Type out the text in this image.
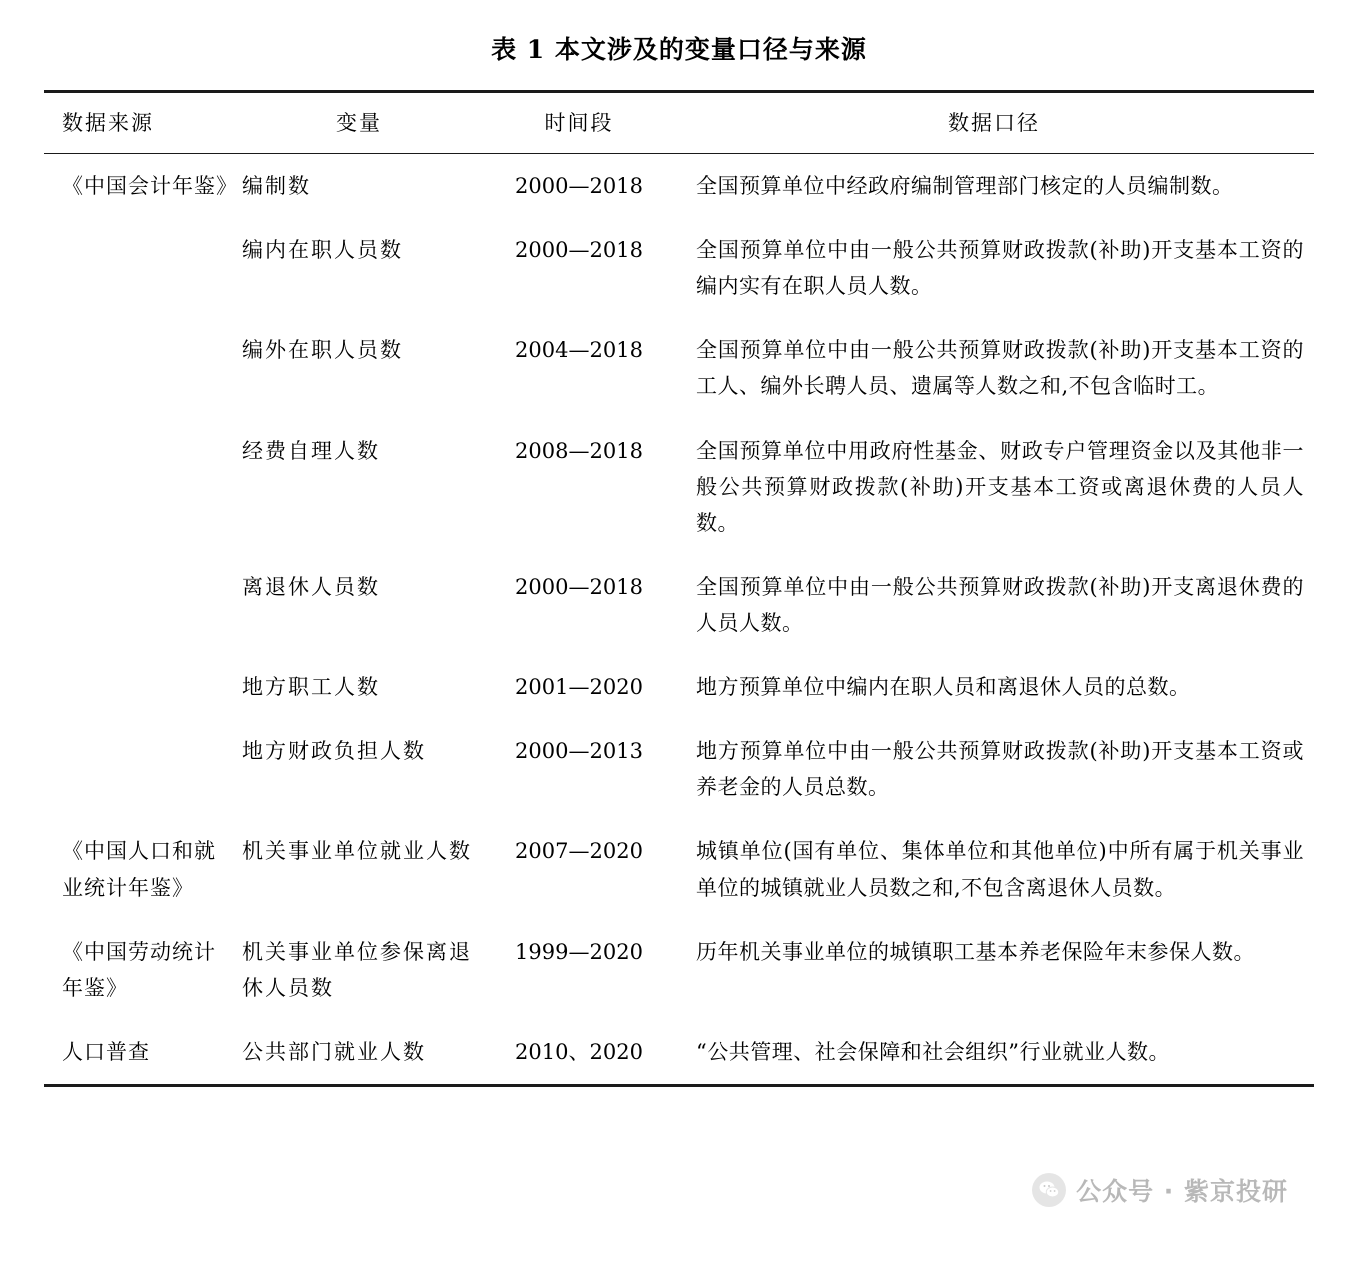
表 1 本文涉及的变量口径与来源
数据来源	变量	时间段	数据口径

《中国会计年鉴》	编制数	2000—2018	全国预算单位中经政府编制管理部门核定的人员编制数。
	编内在职人员数	2000—2018	全国预算单位中由一般公共预算财政拨款(补助)开支基本工资的编内实有在职人员人数。
	编外在职人员数	2004—2018	全国预算单位中由一般公共预算财政拨款(补助)开支基本工资的工人、编外长聘人员、遗属等人数之和,不包含临时工。
	经费自理人数	2008—2018	全国预算单位中用政府性基金、财政专户管理资金以及其他非一般公共预算财政拨款(补助)开支基本工资或离退休费的人员人数。
	离退休人员数	2000—2018	全国预算单位中由一般公共预算财政拨款(补助)开支离退休费的人员人数。
	地方职工人数	2001—2020	地方预算单位中编内在职人员和离退休人员的总数。
	地方财政负担人数	2000—2013	地方预算单位中由一般公共预算财政拨款(补助)开支基本工资或养老金的人员总数。
《中国人口和就业统计年鉴》	机关事业单位就业人数	2007—2020	城镇单位(国有单位、集体单位和其他单位)中所有属于机关事业单位的城镇就业人员数之和,不包含离退休人员数。
《中国劳动统计年鉴》	机关事业单位参保离退休人员数	1999—2020	历年机关事业单位的城镇职工基本养老保险年末参保人数。
人口普查	公共部门就业人数	2010、2020	“公共管理、社会保障和社会组织”行业就业人数。
公众号 · 紫京投研
